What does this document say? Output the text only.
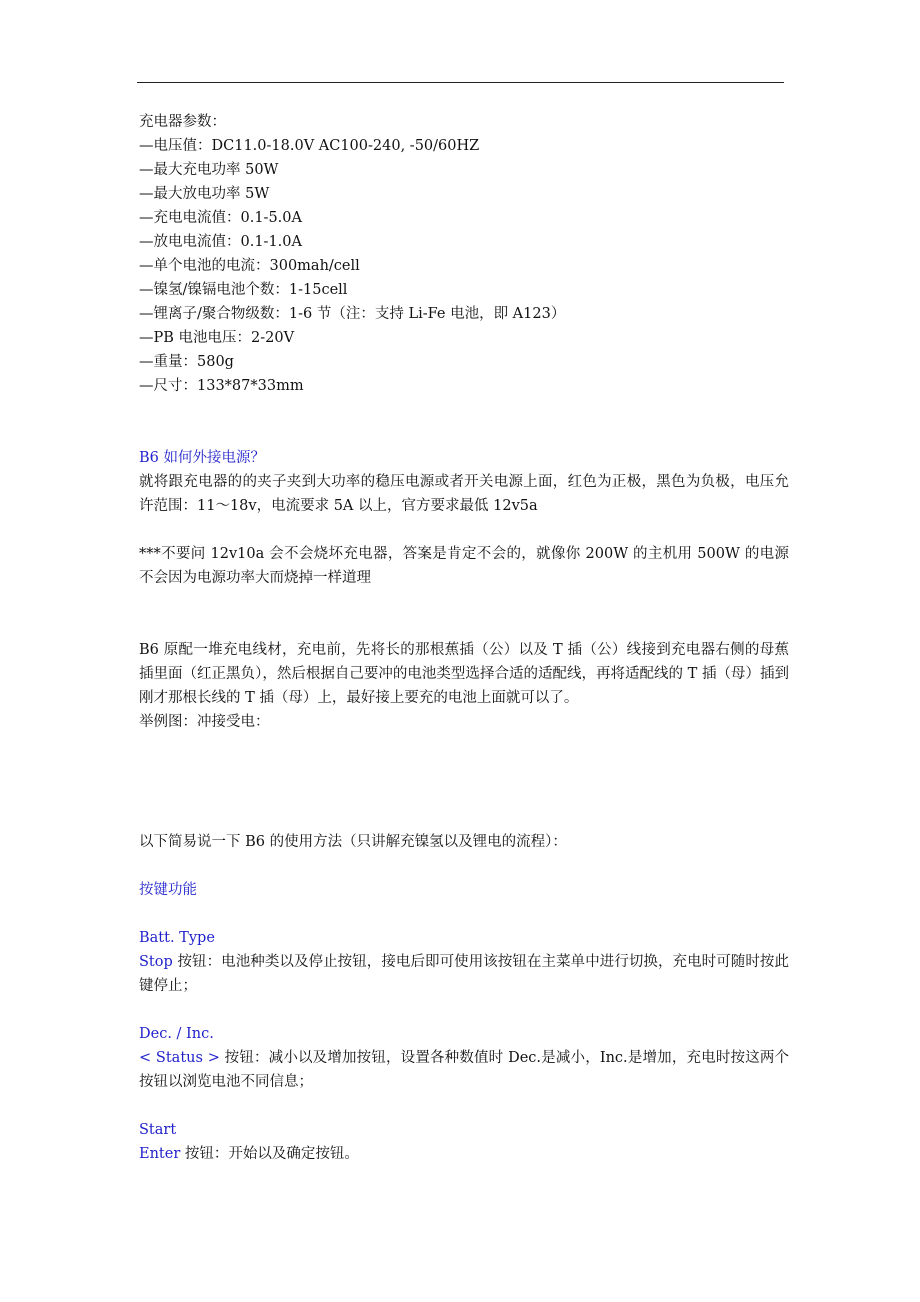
充电器参数：
—电压值：DC11.0-18.0V AC100-240, -50/60HZ
—最大充电功率 50W
—最大放电功率 5W
—充电电流值：0.1-5.0A
—放电电流值：0.1-1.0A
—单个电池的电流：300mah/cell
—镍氢/镍镉电池个数：1-15cell
—锂离子/聚合物级数：1-6 节（注：支持 Li-Fe 电池，即 A123）
—PB 电池电压：2-20V
—重量：580g
—尺寸：133*87*33mm
B6 如何外接电源？
就将跟充电器的的夹子夹到大功率的稳压电源或者开关电源上面，红色为正极，黑色为负极，电压允许范围：11～18v，电流要求 5A 以上，官方要求最低 12v5a
***不要问 12v10a 会不会烧坏充电器，答案是肯定不会的，就像你 200W 的主机用 500W 的电源不会因为电源功率大而烧掉一样道理
B6 原配一堆充电线材，充电前，先将长的那根蕉插（公）以及 T 插（公）线接到充电器右侧的母蕉插里面（红正黑负），然后根据自己要冲的电池类型选择合适的适配线，再将适配线的 T 插（母）插到刚才那根长线的 T 插（母）上，最好接上要充的电池上面就可以了。
举例图：冲接受电：
以下简易说一下 B6 的使用方法（只讲解充镍氢以及锂电的流程）：
按键功能
Batt. Type
Stop 按钮：电池种类以及停止按钮，接电后即可使用该按钮在主菜单中进行切换，充电时可随时按此键停止；
Dec. / Inc.
< Status > 按钮：减小以及增加按钮，设置各种数值时 Dec.是减小，Inc.是增加，充电时按这两个按钮以浏览电池不同信息；
Start
Enter 按钮：开始以及确定按钮。
